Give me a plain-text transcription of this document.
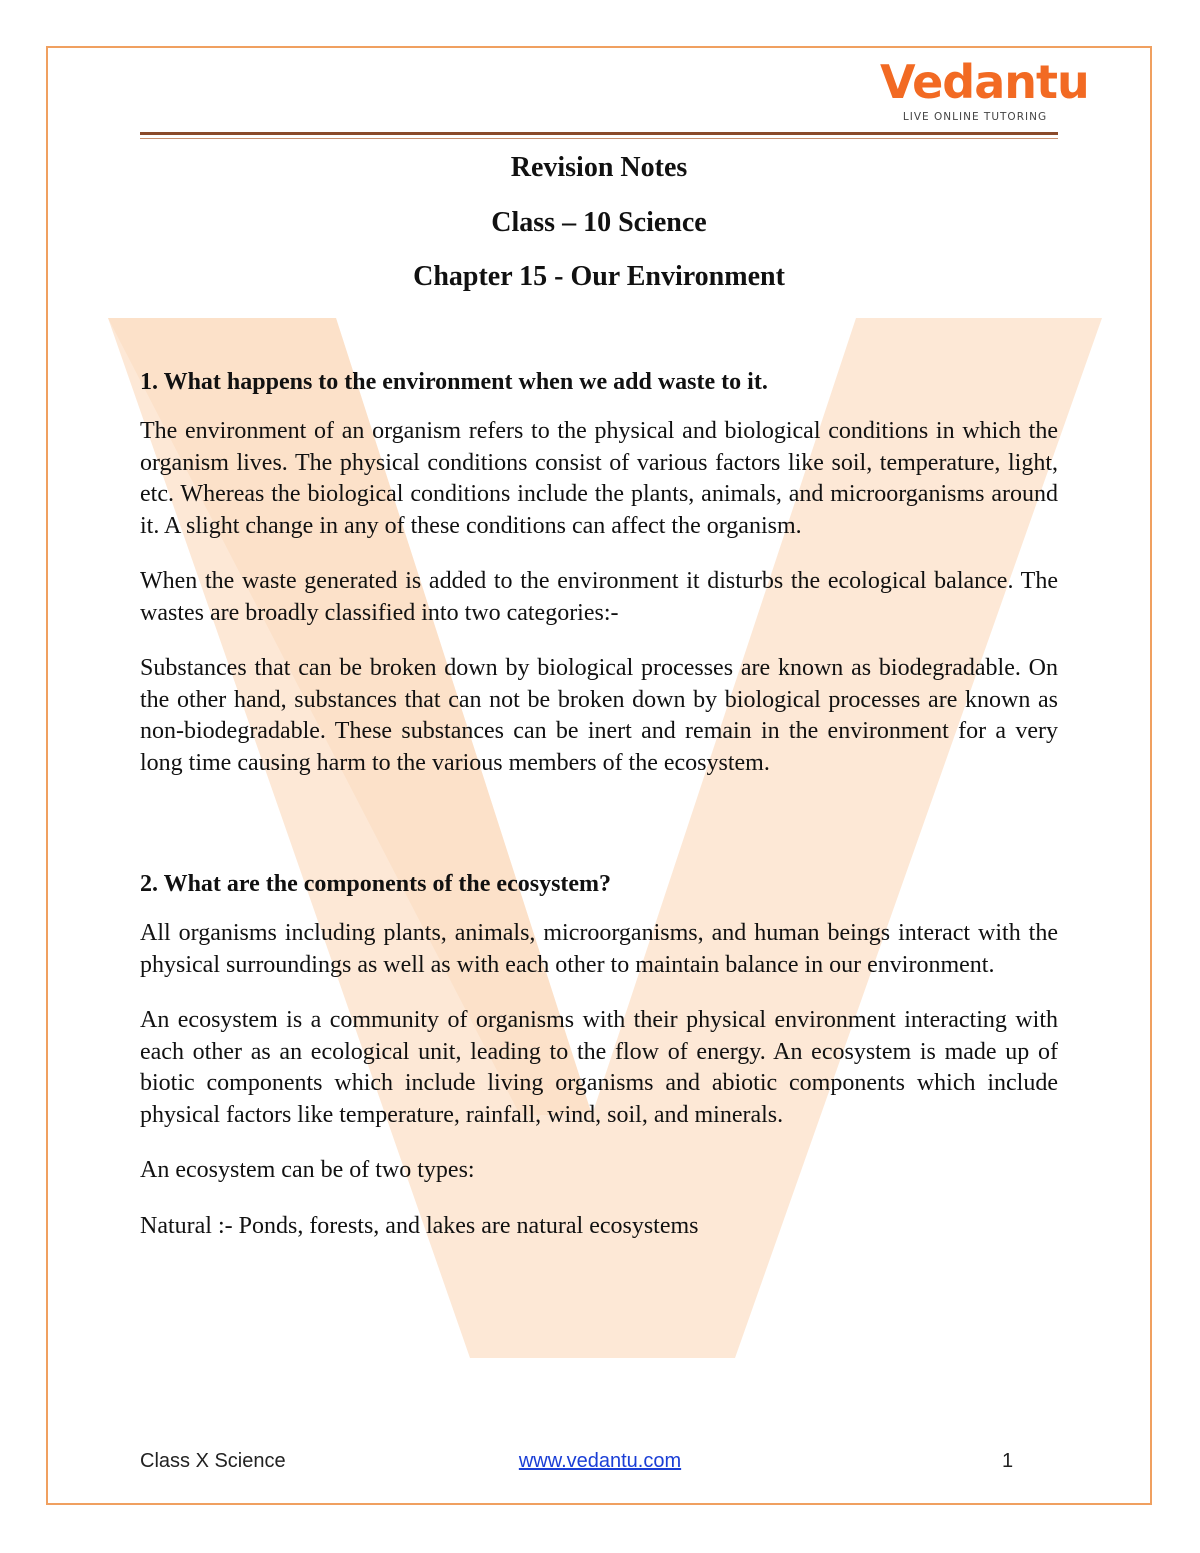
Vedantu
LIVE ONLINE TUTORING

Revision Notes

Class – 10 Science

Chapter 15 - Our Environment

1. What happens to the environment when we add waste to it.

The environment of an organism refers to the physical and biological conditions in which the organism lives. The physical conditions consist of various factors like soil, temperature, light, etc. Whereas the biological conditions include the plants, animals, and microorganisms around it. A slight change in any of these conditions can affect the organism.

When the waste generated is added to the environment it disturbs the ecological balance. The wastes are broadly classified into two categories:-

Substances that can be broken down by biological processes are known as biodegradable. On the other hand, substances that can not be broken down by biological processes are known as non-biodegradable. These substances can be inert and remain in the environment for a very long time causing harm to the various members of the ecosystem.

2. What are the components of the ecosystem?

All organisms including plants, animals, microorganisms, and human beings interact with the physical surroundings as well as with each other to maintain balance in our environment.

An ecosystem is a community of organisms with their physical environment interacting with each other as an ecological unit, leading to the flow of energy. An ecosystem is made up of biotic components which include living organisms and abiotic components which include physical factors like temperature, rainfall, wind, soil, and minerals.

An ecosystem can be of two types:

Natural :- Ponds, forests, and lakes are natural ecosystems

Class X Science	www.vedantu.com	1
